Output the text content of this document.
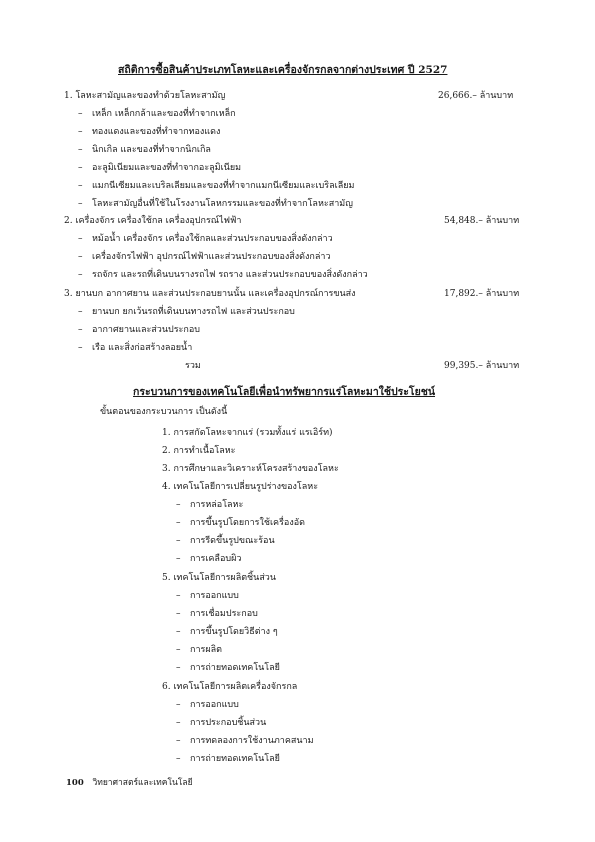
สถิติการซื้อสินค้าประเภทโลหะและเครื่องจักรกลจากต่างประเทศ ปี 2527
1. โลหะสามัญและของทำด้วยโลหะสามัญ	26,666.– ล้านบาท
– เหล็ก เหล็กกล้าและของที่ทำจากเหล็ก
– ทองแดงและของที่ทำจากทองแดง
– นิกเกิล และของที่ทำจากนิกเกิล
– อะลูมิเนียมและของที่ทำจากอะลูมิเนียม
– แมกนีเซียมและเบริลเลียมและของที่ทำจากแมกนีเซียมและเบริลเลียม
– โลหะสามัญอื่นที่ใช้ในโรงงานโลหกรรมและของที่ทำจากโลหะสามัญ
2. เครื่องจักร เครื่องใช้กล เครื่องอุปกรณ์ไฟฟ้า	54,848.– ล้านบาท
– หม้อน้ำ เครื่องจักร เครื่องใช้กลและส่วนประกอบของสิ่งดังกล่าว
– เครื่องจักรไฟฟ้า อุปกรณ์ไฟฟ้าและส่วนประกอบของสิ่งดังกล่าว
– รถจักร และรถที่เดินบนรางรถไฟ รถราง และส่วนประกอบของสิ่งดังกล่าว
3. ยานบก อากาศยาน และส่วนประกอบยานนั้น และเครื่องอุปกรณ์การขนส่ง	17,892.– ล้านบาท
– ยานบก ยกเว้นรถที่เดินบนทางรถไฟ และส่วนประกอบ
– อากาศยานและส่วนประกอบ
– เรือ และสิ่งก่อสร้างลอยน้ำ
รวม	99,395.– ล้านบาท
กระบวนการของเทคโนโลยีเพื่อนำทรัพยากรแร่โลหะมาใช้ประโยชน์
ขั้นตอนของกระบวนการ เป็นดังนี้
1. การสกัดโลหะจากแร่ (รวมทั้งแร่ แรเอิร์ท)
2. การทำเนื้อโลหะ
3. การศึกษาและวิเคราะห์โครงสร้างของโลหะ
4. เทคโนโลยีการเปลี่ยนรูปร่างของโลหะ
– การหล่อโลหะ
– การขึ้นรูปโดยการใช้เครื่องอัด
– การรีดขึ้นรูปขณะร้อน
– การเคลือบผิว
5. เทคโนโลยีการผลิตชิ้นส่วน
– การออกแบบ
– การเชื่อมประกอบ
– การขึ้นรูปโดยวิธีต่าง ๆ
– การผลิต
– การถ่ายทอดเทคโนโลยี
6. เทคโนโลยีการผลิตเครื่องจักรกล
– การออกแบบ
– การประกอบชิ้นส่วน
– การทดลองการใช้งานภาคสนาม
– การถ่ายทอดเทคโนโลยี
100 วิทยาศาสตร์และเทคโนโลยี
